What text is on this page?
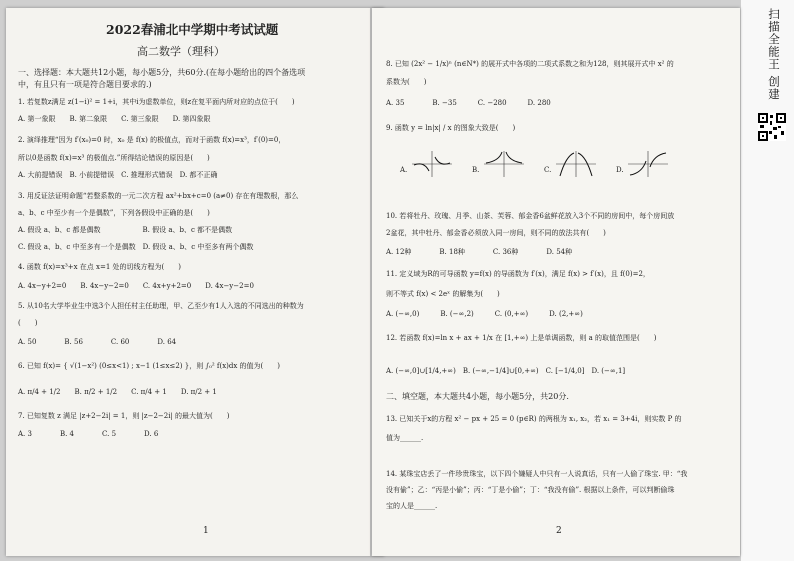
2022春浦北中学期中考试试题
高二数学（理科）
一、选择题：本大题共12小题，每小题5分，共60分.(在每小题给出的四个备选项
中，有且只有一项是符合题目要求的.)
1. 若复数z满足 z(1−i)² = 1+i，其中i为虚数单位，则z在复平面内所对应的点位于(　　)
A. 第一象限　　B. 第二象限　　C. 第三象限　　D. 第四象限
2. 演绎推理“因为 f′(x₀)=0 时，x₀ 是 f(x) 的极值点，而对于函数 f(x)=x³，f′(0)=0，
所以0是函数 f(x)=x³ 的极值点.”所得结论错误的原因是(　　)
A. 大前提错误　B. 小前提错误　C. 推理形式错误　D. 都不正确
3. 用反证法证明命题“若整系数的一元二次方程 ax²+bx+c=0 (a≠0) 存在有理数根，那么
a、b、c 中至少有一个是偶数”，下列各假设中正确的是(　　)
A. 假设 a、b、c 都是偶数　　　　　　B. 假设 a、b、c 都不是偶数
C. 假设 a、b、c 中至多有一个是偶数　D. 假设 a、b、c 中至多有两个偶数
4. 函数 f(x)=x³+x 在点 x=1 处的切线方程为(　　)
A. 4x−y+2=0　　B. 4x−y−2=0　　C. 4x+y+2=0　　D. 4x−y−2=0
5. 从10名大学毕业生中选3个人担任村主任助理，甲、乙至少有1人入选的不同选出的种数为
(　　)
A. 50　　　　B. 56　　　　C. 60　　　　D. 64
6. 已知 f(x)= { √(1−x²) (0≤x<1) ; x−1 (1≤x≤2) }，则 ∫₀² f(x)dx 的值为(　　)
A. π/4 + 1/2　　B. π/2 + 1/2　　C. π/4 + 1　　D. π/2 + 1
7. 已知复数 z 满足 |z+2−2i| = 1，则 |z−2−2i| 的最大值为(　　)
A. 3　　　　B. 4　　　　C. 5　　　　D. 6
1
8. 已知 (2x² − 1/x)ⁿ (n∈N*) 的展开式中各项的二项式系数之和为128，则其展开式中 x² 的
系数为(　　)
A. 35　　　　B. −35　　　C. −280　　　D. 280
9. 函数 y = ln|x| / x 的图象大致是(　　)
A.	B.	C.	D.
10. 若将牡丹、玫瑰、月季、山茶、芙蓉、郁金香6盆鲜花放入3个不同的房间中，每个房间放
2盆花，其中牡丹、郁金香必须放入同一房间，则不同的放法共有(　　)
A. 12种　　　　B. 18种　　　　C. 36种　　　　D. 54种
11. 定义域为R的可导函数 y=f(x) 的导函数为 f′(x)，满足 f(x) > f′(x)，且 f(0)=2，
则不等式 f(x) < 2eˣ 的解集为(　　)
A. (−∞,0)　　　B. (−∞,2)　　　C. (0,+∞)　　　D. (2,+∞)
12. 若函数 f(x)=ln x + ax + 1/x 在 [1,+∞) 上是单调函数，则 a 的取值范围是(　　)
A. (−∞,0]∪[1/4,+∞)　B. (−∞,−1/4]∪[0,+∞)　C. [−1/4,0]　D. (−∞,1]
二、填空题，本大题共4小题，每小题5分，共20分.
13. 已知关于x的方程 x² − px + 25 = 0 (p∈R) 的两根为 x₁, x₂，若 x₁ = 3+4i，则实数 P 的
值为______.
14. 某珠宝店丢了一件珍贵珠宝，以下四个嫌疑人中只有一人说真话，只有一人偷了珠宝. 甲：“我
没有偷”；乙：“丙是小偷”；丙：“丁是小偷”；丁：“我没有偷”. 根据以上条件，可以判断偷珠
宝的人是______.
2
扫描全能王 创建
